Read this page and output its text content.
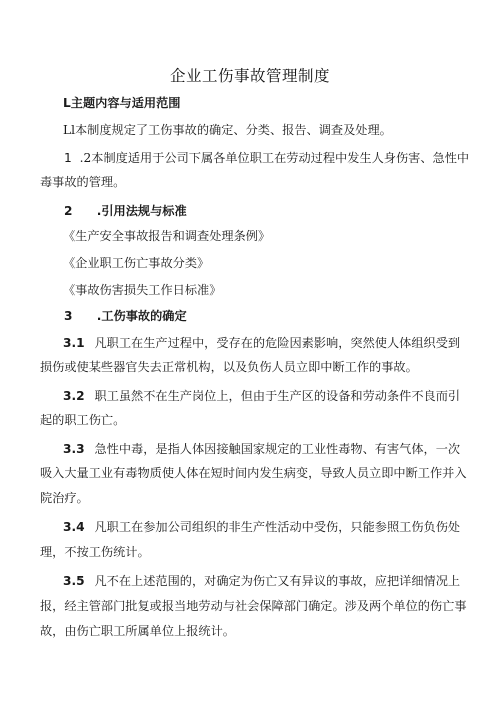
企业工伤事故管理制度
L主题内容与适用范围
Ll本制度规定了工伤事故的确定、分类、报告、调查及处理。
1 .2本制度适用于公司下属各单位职工在劳动过程中发生人身伤害、急性中
毒事故的管理。
2 .引用法规与标准
《生产安全事故报告和调查处理条例》
《企业职工伤亡事故分类》
《事故伤害损失工作日标准》
3 .工伤事故的确定
3.1 凡职工在生产过程中，受存在的危险因素影响，突然使人体组织受到
损伤或使某些器官失去正常机构，以及负伤人员立即中断工作的事故。
3.2 职工虽然不在生产岗位上，但由于生产区的设备和劳动条件不良而引
起的职工伤亡。
3.3 急性中毒，是指人体因接触国家规定的工业性毒物、有害气体，一次
吸入大量工业有毒物质使人体在短时间内发生病变，导致人员立即中断工作并入
院治疗。
3.4 凡职工在参加公司组织的非生产性活动中受伤，只能参照工伤负伤处
理，不按工伤统计。
3.5 凡不在上述范围的，对确定为伤亡又有异议的事故，应把详细情况上
报，经主管部门批复或报当地劳动与社会保障部门确定。涉及两个单位的伤亡事
故，由伤亡职工所属单位上报统计。
